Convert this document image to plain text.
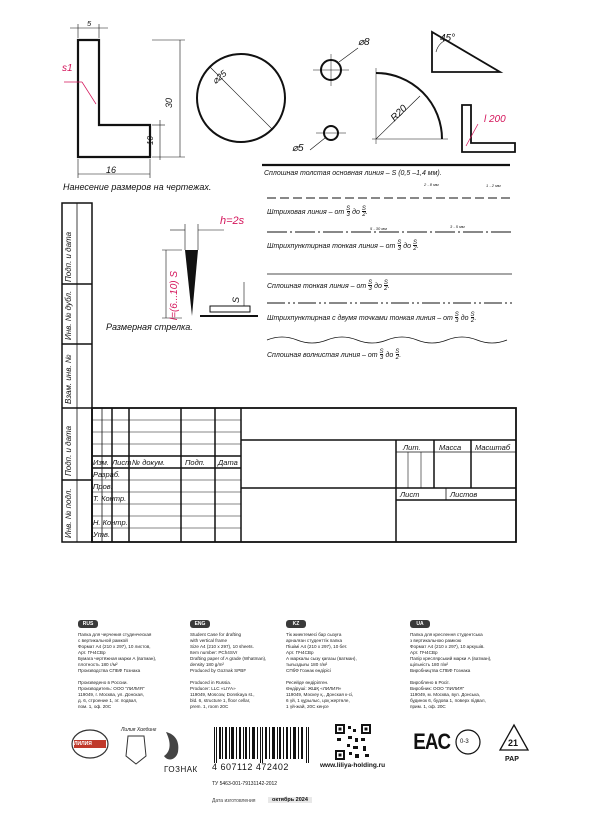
5
s1
30
10
16
⌀25
⌀8
⌀5
R20
45°
l 200
Нанесение размеров на чертежах.
Сплошная толстая основная линия – S (0,5 –1,4 мм).
2 - 8 мм	1 - 2 мм
Штриховая линия – от $\frac{S}{3}$ до $\frac{S}{2}$.
3 - 5 мм
5 - 30 мм
Штрихпунктирная тонкая линия – от $\frac{S}{3}$ до $\frac{S}{2}$.
Сплошная тонкая линия – от $\frac{S}{3}$ до $\frac{S}{2}$.
Штрихпунктирная с двумя точками тонкая линия – от $\frac{S}{3}$ до $\frac{S}{2}$.
Сплошная волнистая линия – от $\frac{S}{3}$ до $\frac{S}{2}$.
h=2s
l=(6...10) S	S
Размерная стрелка.
Подп. и дата
Инв. № дубл.
Взам. инв. №
Подп. и дата
Инв. № подл.
Изм. Лист № докум.	Подп. Дата
Разраб.
Пров.
Т. Контр.
Н. Контр.
Утв.
Лит. Масса Масштаб
Лист	Листов
RUS
Папка для черчения студенческая
с вертикальной рамкой
Формат А4 (210 х 297), 10 листов,
Арт. ПЧ4СВр
Бумага чертёжная марки А (ватман),
плотность 180 г/м²
Производства СПБФ Гознака

Произведено в России.
Производитель: ООО "ЛИЛИЯ"
119049, г. Москва, ул. Донская,
д. 6, строение 1, эт. подвал,
пом. 1, оф. 20С
ENG
Student Case for drafting
with vertical frame
Size A4 (210 x 297), 10 sheets.
Item number: PCh4SVr
Drafting paper of A grade (Whatman),
density 180 g/m²
Produced by Goznak SPBF

Produced in Russia.
Producer: LLC «LIYA»
119049, Moscow, Donskaya st.,
bld. 6, structure 1, floor cellar,
prem. 1, room 20C
KZ
Тік жиектемесі бар сызуға
арналған студенттік папка
Пішімі А4 (210 х 297), 10 бет.
Арт. ПЧ4СВр
А маркалы сызу қағазы (ватман),
тығыздығы 180 г/м²
СПбФ Гознак өндірісі

Ресейде өндірілген.
Өндіруші: ЖШҚ «ЛИЛИЯ»
119049, Мәскеу қ., Донская к-сі,
6 үй, 1 құрылыс, цоқ жертөле,
1 үй-жай, 20С кеңсе
UA
Папка для креслення студентська
з вертикальною рамкою
Формат А4 (210 х 297), 10 аркушів.
Арт. ПЧ4СВр
Папір креслярський марки А (ватман),
щільність 180 г/м²
Виробництва СПБФ Гознака

Вироблено в Росії.
Виробник: ООО "ЛИЛИЯ"
119049, м. Москва, вул. Донська,
будинок 6, будова 1, поверх підвал,
прим. 1, оф. 20С
ЛИЛИЯ
Лилия Холдинг
ГОЗНАК 4 607112 472402	www.liliya-holding.ru
EAC 0-3	21
PAP
ТУ 5463-001-79131142-2012
Дата изготовления	октябрь 2024
